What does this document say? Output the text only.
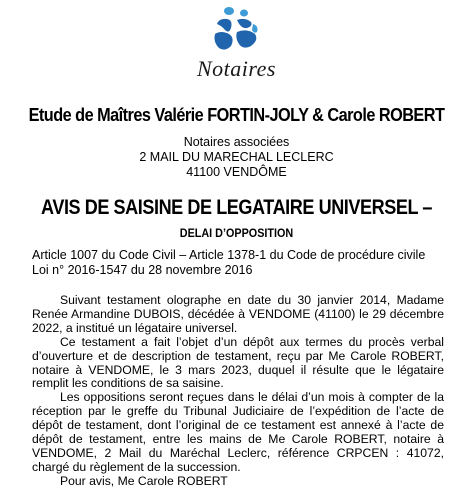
Notaires
Etude de Maîtres Valérie FORTIN-JOLY & Carole ROBERT
Notaires associées
2 MAIL DU MARECHAL LECLERC
41100 VENDÔME
AVIS DE SAISINE DE LEGATAIRE UNIVERSEL –
DELAI D’OPPOSITION
Article 1007 du Code Civil – Article 1378-1 du Code de procédure civile
Loi n° 2016-1547 du 28 novembre 2016

Suivant testament olographe en date du 30 janvier 2014, Madame Renée Armandine DUBOIS, décédée à VENDOME (41100) le 29 décembre 2022, a institué un légataire universel.

Ce testament a fait l’objet d’un dépôt aux termes du procès verbal d’ouverture et de description de testament, reçu par Me Carole ROBERT, notaire à VENDOME, le 3 mars 2023, duquel il résulte que le légataire remplit les conditions de sa saisine.

Les oppositions seront reçues dans le délai d’un mois à compter de la réception par le greffe du Tribunal Judiciaire de l’expédition de l’acte de dépôt de testament, dont l’original de ce testament est annexé à l’acte de dépôt de testament, entre les mains de Me Carole ROBERT, notaire à VENDOME, 2 Mail du Maréchal Leclerc, référence CRPCEN : 41072, chargé du règlement de la succession.

Pour avis, Me Carole ROBERT
